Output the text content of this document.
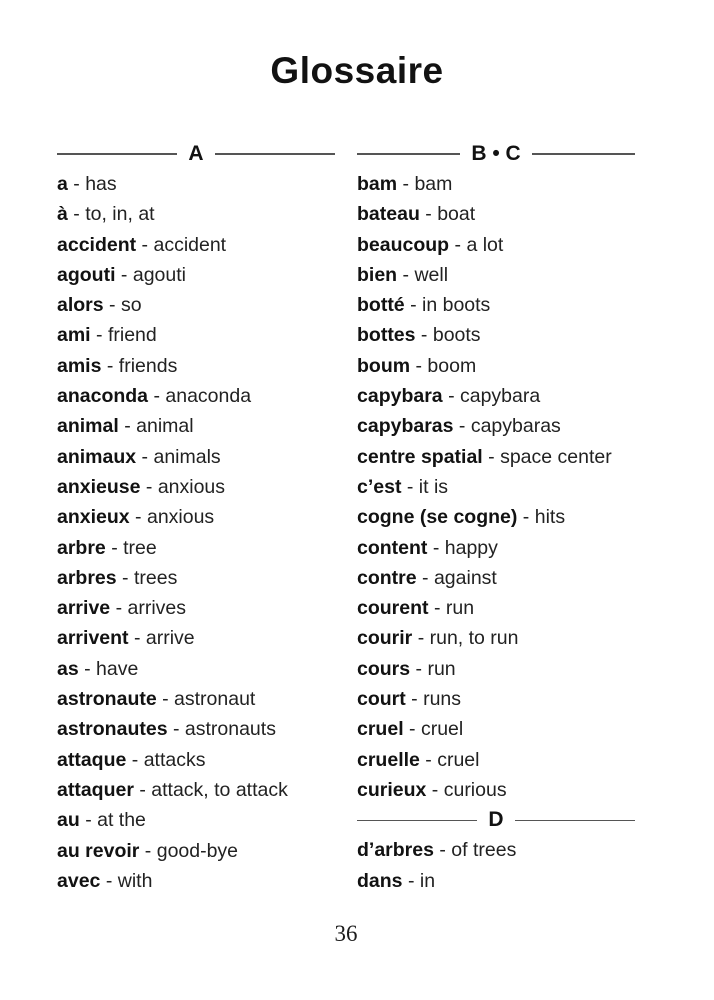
Glossaire
A
a - has
à - to, in, at
accident - accident
agouti - agouti
alors - so
ami - friend
amis - friends
anaconda - anaconda
animal - animal
animaux - animals
anxieuse - anxious
anxieux - anxious
arbre - tree
arbres - trees
arrive - arrives
arrivent - arrive
as - have
astronaute - astronaut
astronautes - astronauts
attaque - attacks
attaquer - attack, to attack
au - at the
au revoir - good-bye
avec - with
B • C
bam - bam
bateau - boat
beaucoup - a lot
bien - well
botté - in boots
bottes - boots
boum - boom
capybara - capybara
capybaras - capybaras
centre spatial - space center
c’est - it is
cogne (se cogne) - hits
content - happy
contre - against
courent - run
courir - run, to run
cours - run
court - runs
cruel - cruel
cruelle - cruel
curieux - curious
D
d’arbres - of trees
dans - in
36
